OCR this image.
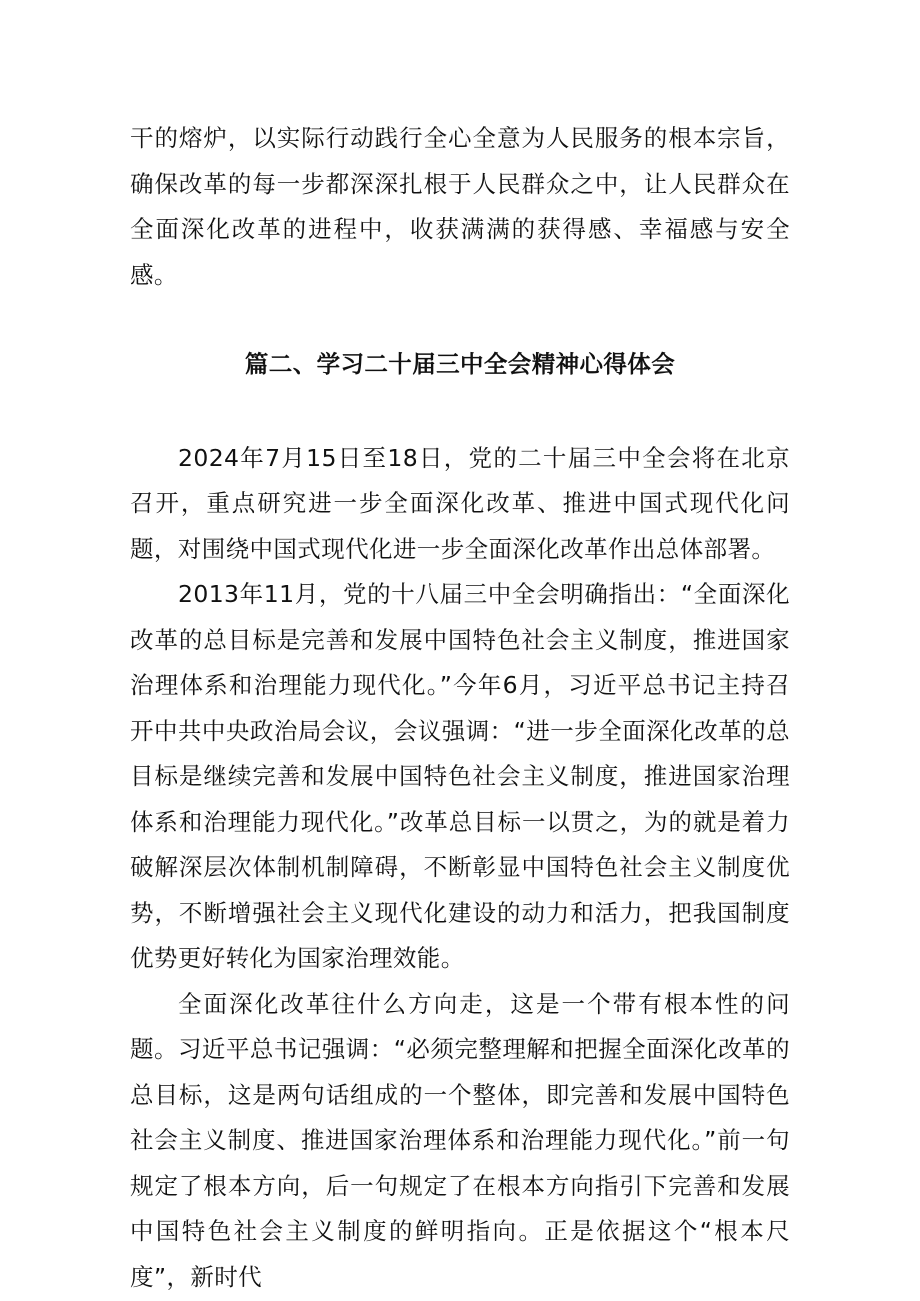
干的熔炉，以实际行动践行全心全意为人民服务的根本宗旨，确保改革的每一步都深深扎根于人民群众之中，让人民群众在全面深化改革的进程中，收获满满的获得感、幸福感与安全感。

篇二、学习二十届三中全会精神心得体会

2024年7月15日至18日，党的二十届三中全会将在北京召开，重点研究进一步全面深化改革、推进中国式现代化问题，对围绕中国式现代化进一步全面深化改革作出总体部署。

2013年11月，党的十八届三中全会明确指出：“全面深化改革的总目标是完善和发展中国特色社会主义制度，推进国家治理体系和治理能力现代化。”今年6月，习近平总书记主持召开中共中央政治局会议，会议强调：“进一步全面深化改革的总目标是继续完善和发展中国特色社会主义制度，推进国家治理体系和治理能力现代化。”改革总目标一以贯之，为的就是着力破解深层次体制机制障碍，不断彰显中国特色社会主义制度优势，不断增强社会主义现代化建设的动力和活力，把我国制度优势更好转化为国家治理效能。

全面深化改革往什么方向走，这是一个带有根本性的问题。习近平总书记强调：“必须完整理解和把握全面深化改革的总目标，这是两句话组成的一个整体，即完善和发展中国特色社会主义制度、推进国家治理体系和治理能力现代化。”前一句规定了根本方向，后一句规定了在根本方向指引下完善和发展中国特色社会主义制度的鲜明指向。正是依据这个“根本尺度”，新时代
